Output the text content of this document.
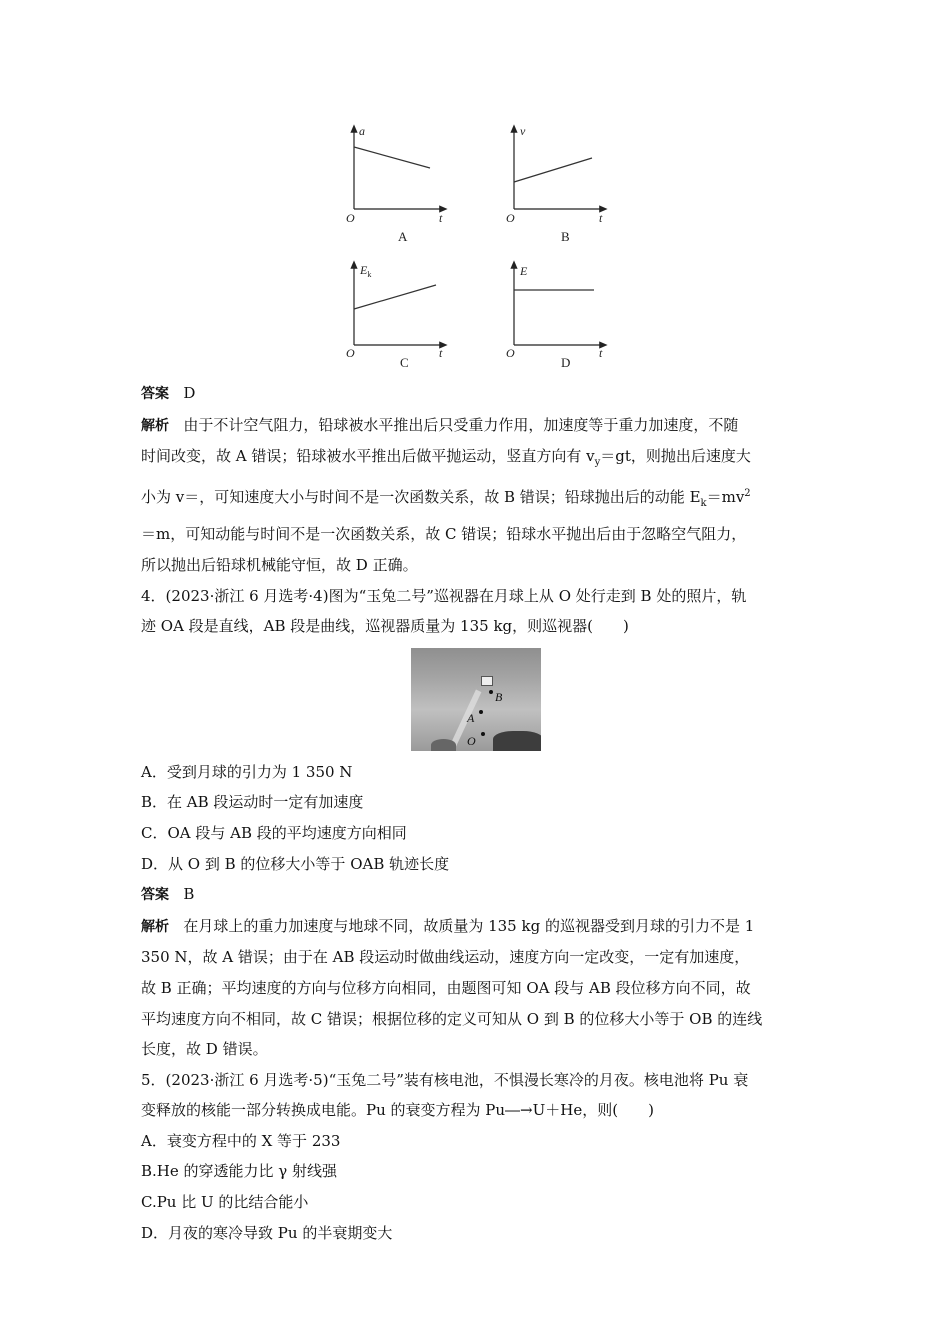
a
t
O
A
v
t
O
B
$E_k$
t
O
C
E
t
O
D

答案 D

解析 由于不计空气阻力，铅球被水平推出后只受重力作用，加速度等于重力加速度，不随

时间改变，故 A 错误；铅球被水平推出后做平抛运动，竖直方向有 $v_y=gt$，则抛出后速度大

小为 v＝，可知速度大小与时间不是一次函数关系，故 B 错误；铅球抛出后的动能 $E_k=mv^2$

＝m，可知动能与时间不是一次函数关系，故 C 错误；铅球水平抛出后由于忽略空气阻力，

所以抛出后铅球机械能守恒，故 D 正确。

4．(2023·浙江 6 月选考·4)图为“玉兔二号”巡视器在月球上从 O 处行走到 B 处的照片，轨

迹 OA 段是直线，AB 段是曲线，巡视器质量为 135 kg，则巡视器(　　)

B
A
O

A．受到月球的引力为 1 350 N

B．在 AB 段运动时一定有加速度

C．OA 段与 AB 段的平均速度方向相同

D．从 O 到 B 的位移大小等于 OAB 轨迹长度

答案 B

解析 在月球上的重力加速度与地球不同，故质量为 135 kg 的巡视器受到月球的引力不是 1

350 N，故 A 错误；由于在 AB 段运动时做曲线运动，速度方向一定改变，一定有加速度，

故 B 正确；平均速度的方向与位移方向相同，由题图可知 OA 段与 AB 段位移方向不同，故

平均速度方向不相同，故 C 错误；根据位移的定义可知从 O 到 B 的位移大小等于 OB 的连线

长度，故 D 错误。

5．(2023·浙江 6 月选考·5)“玉兔二号”装有核电池，不惧漫长寒冷的月夜。核电池将 Pu 衰

变释放的核能一部分转换成电能。Pu 的衰变方程为 Pu―→U＋He，则(　　)

A．衰变方程中的 X 等于 233

B.He 的穿透能力比 γ 射线强

C.Pu 比 U 的比结合能小

D．月夜的寒冷导致 Pu 的半衰期变大
